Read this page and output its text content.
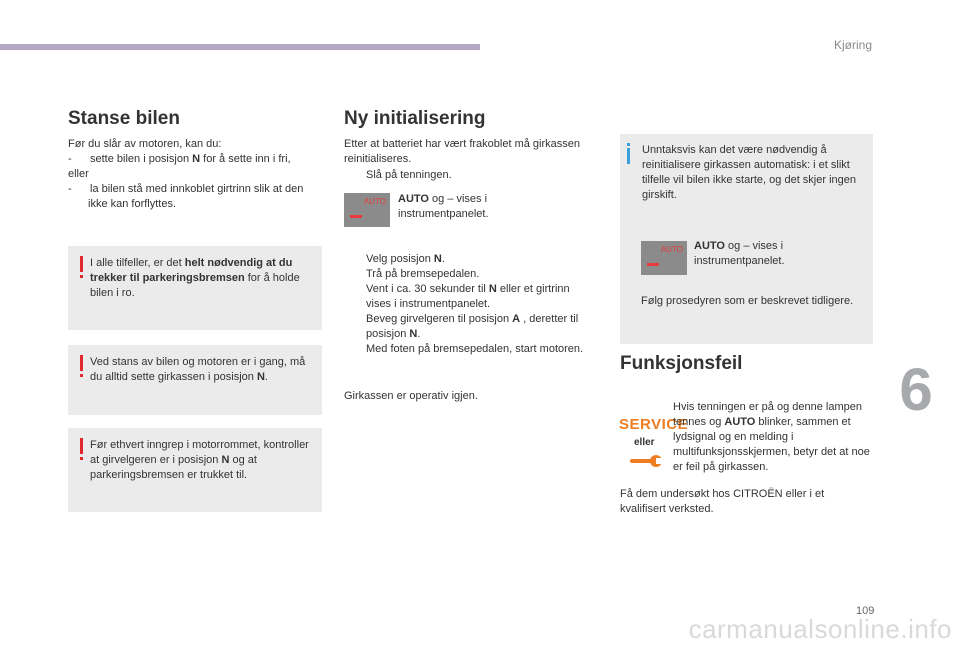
Kjøring
6
109
Stanse bilen

Før du slår av motoren, kan du:

- sette bilen i posisjon N for å sette inn i fri,

eller

- la bilen stå med innkoblet girtrinn slik at den ikke kan forflyttes.

I alle tilfeller, er det helt nødvendig at du trekker til parkeringsbremsen for å holde bilen i ro.
Ved stans av bilen og motoren er i gang, må du alltid sette girkassen i posisjon N.
Før ethvert inngrep i motorrommet, kontroller at girvelgeren er i posisjon N og at parkeringsbremsen er trukket til.
Ny initialisering
Etter at batteriet har vært frakoblet må girkassen reinitialiseres.
Slå på tenningen.
AUTO AUTO og – vises i instrumentpanelet.

Velg posisjon N.

Trå på bremsepedalen.

Vent i ca. 30 sekunder til N eller et girtrinn vises i instrumentpanelet.

Beveg girvelgeren til posisjon A , deretter til posisjon N.

Med foten på bremsepedalen, start motoren.

Girkassen er operativ igjen.
Unntaksvis kan det være nødvendig å reinitialisere girkassen automatisk: i et slikt tilfelle vil bilen ikke starte, og det skjer ingen girskift.
AUTO AUTO og – vises i instrumentpanelet.
Følg prosedyren som er beskrevet tidligere.
Funksjonsfeil
SERVICE
eller
Hvis tenningen er på og denne lampen tennes og AUTO blinker, sammen et lydsignal og en melding i multifunksjonsskjermen, betyr det at noe er feil på girkassen.
Få dem undersøkt hos CITROËN eller i et kvalifisert verksted.
carmanualsonline.info
